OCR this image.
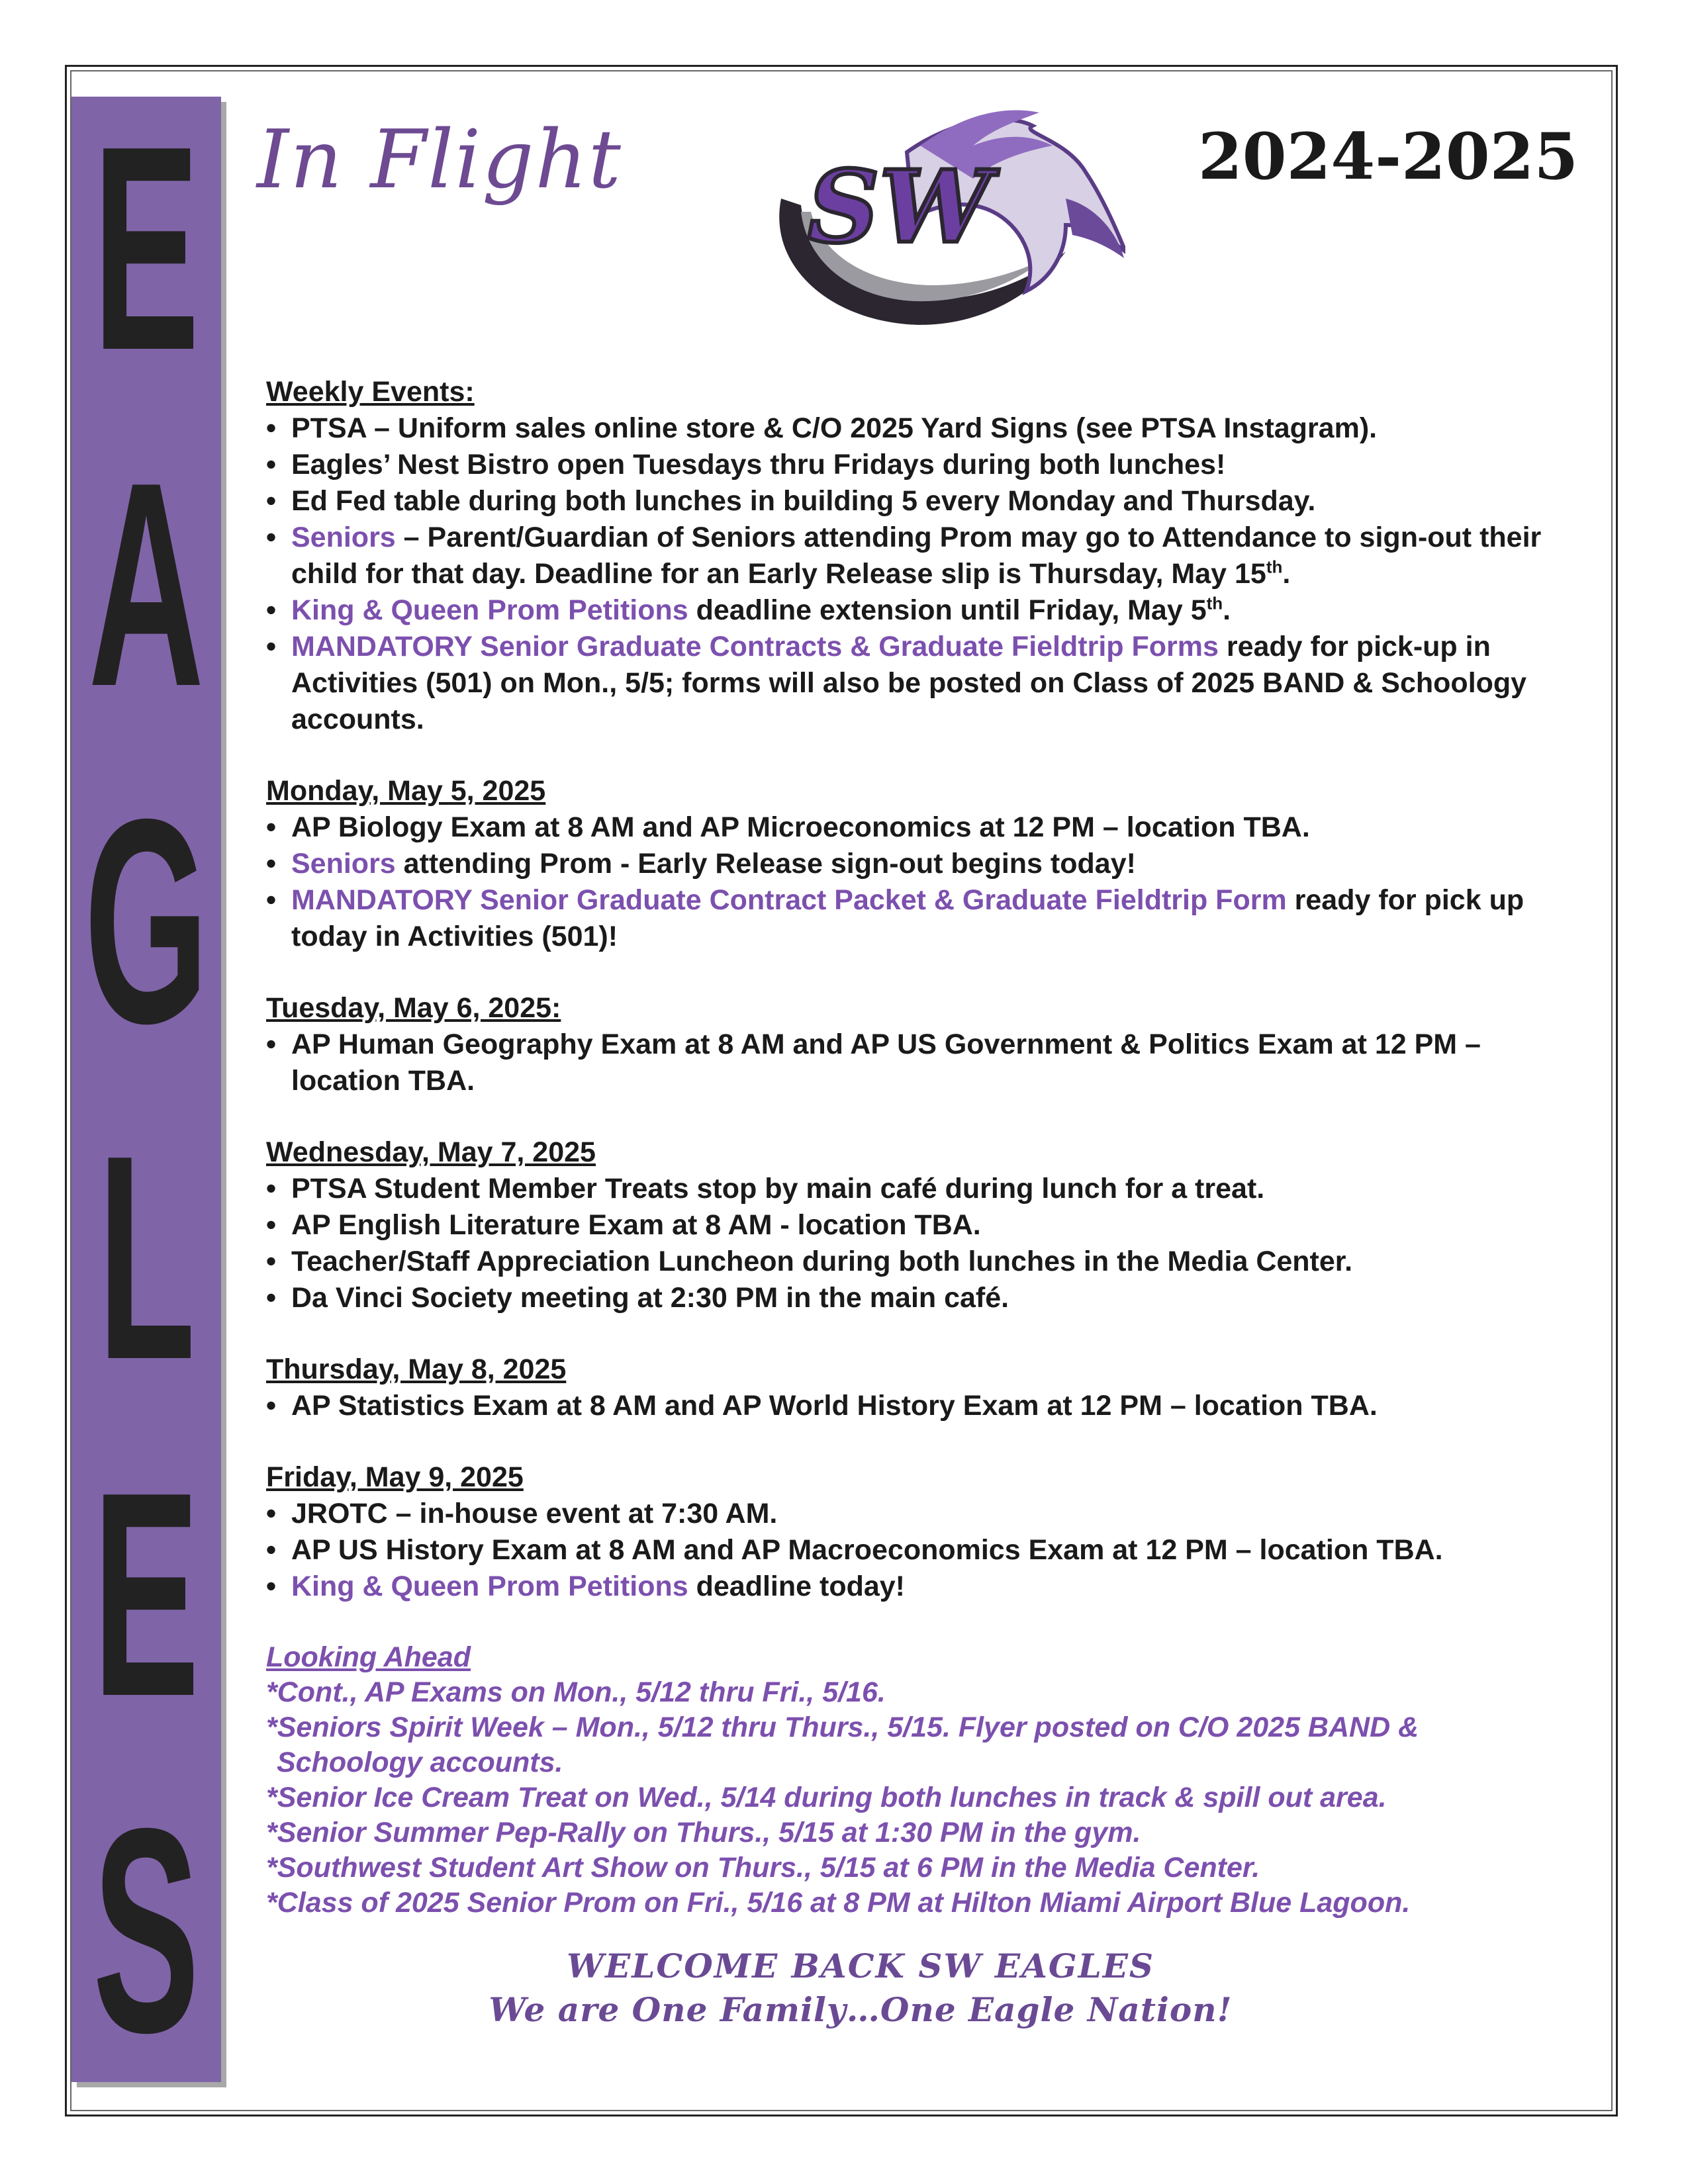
E
A
G
L
E
S
In Flight	2024-2025
SW
Weekly Events:
• PTSA – Uniform sales online store & C/O 2025 Yard Signs (see PTSA Instagram).
• Eagles’ Nest Bistro open Tuesdays thru Fridays during both lunches!
• Ed Fed table during both lunches in building 5 every Monday and Thursday.
• Seniors – Parent/Guardian of Seniors attending Prom may go to Attendance to sign-out their child for that day. Deadline for an Early Release slip is Thursday, May 15th.
• King & Queen Prom Petitions deadline extension until Friday, May 5th.
• MANDATORY Senior Graduate Contracts & Graduate Fieldtrip Forms ready for pick-up in Activities (501) on Mon., 5/5; forms will also be posted on Class of 2025 BAND & Schoology accounts.
Monday, May 5, 2025
• AP Biology Exam at 8 AM and AP Microeconomics at 12 PM – location TBA.
• Seniors attending Prom - Early Release sign-out begins today!
• MANDATORY Senior Graduate Contract Packet & Graduate Fieldtrip Form ready for pick up today in Activities (501)!
Tuesday, May 6, 2025:
• AP Human Geography Exam at 8 AM and AP US Government & Politics Exam at 12 PM – location TBA.
Wednesday, May 7, 2025
• PTSA Student Member Treats stop by main café during lunch for a treat.
• AP English Literature Exam at 8 AM - location TBA.
• Teacher/Staff Appreciation Luncheon during both lunches in the Media Center.
• Da Vinci Society meeting at 2:30 PM in the main café.
Thursday, May 8, 2025
• AP Statistics Exam at 8 AM and AP World History Exam at 12 PM – location TBA.
Friday, May 9, 2025
• JROTC – in-house event at 7:30 AM.
• AP US History Exam at 8 AM and AP Macroeconomics Exam at 12 PM – location TBA.
• King & Queen Prom Petitions deadline today!
Looking Ahead
*Cont., AP Exams on Mon., 5/12 thru Fri., 5/16.
*Seniors Spirit Week – Mon., 5/12 thru Thurs., 5/15. Flyer posted on C/O 2025 BAND &
Schoology accounts.
*Senior Ice Cream Treat on Wed., 5/14 during both lunches in track & spill out area.
*Senior Summer Pep-Rally on Thurs., 5/15 at 1:30 PM in the gym.
*Southwest Student Art Show on Thurs., 5/15 at 6 PM in the Media Center.
*Class of 2025 Senior Prom on Fri., 5/16 at 8 PM at Hilton Miami Airport Blue Lagoon.
WELCOME BACK SW EAGLES
We are One Family…One Eagle Nation!
